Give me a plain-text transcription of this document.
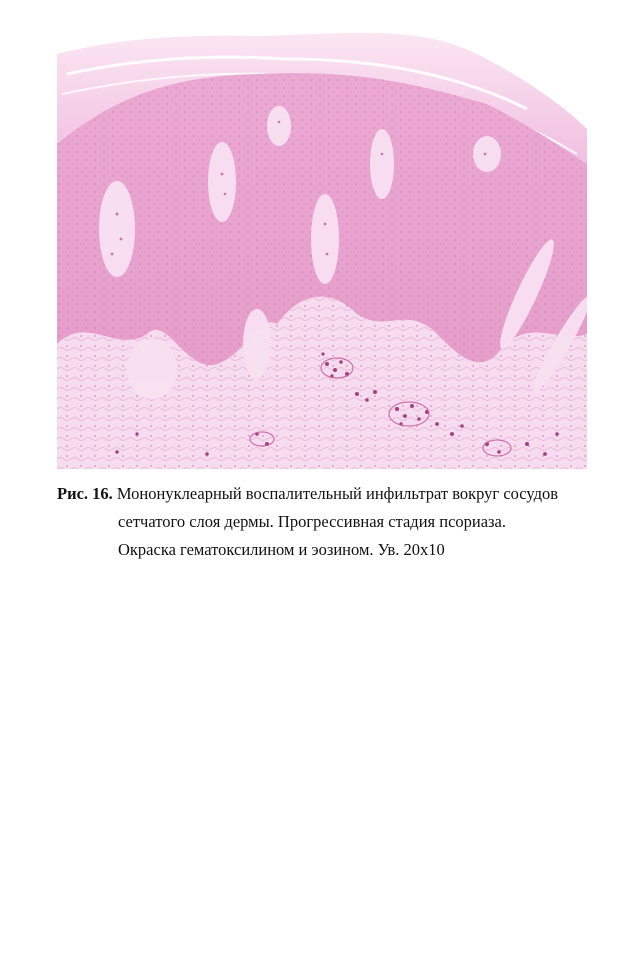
Рис. 16. Мононуклеарный воспалительный инфильтрат вокруг сосудов
сетчатого слоя дермы. Прогрессивная стадия псориаза.
Окраска гематоксилином и эозином. Ув. 20х10
